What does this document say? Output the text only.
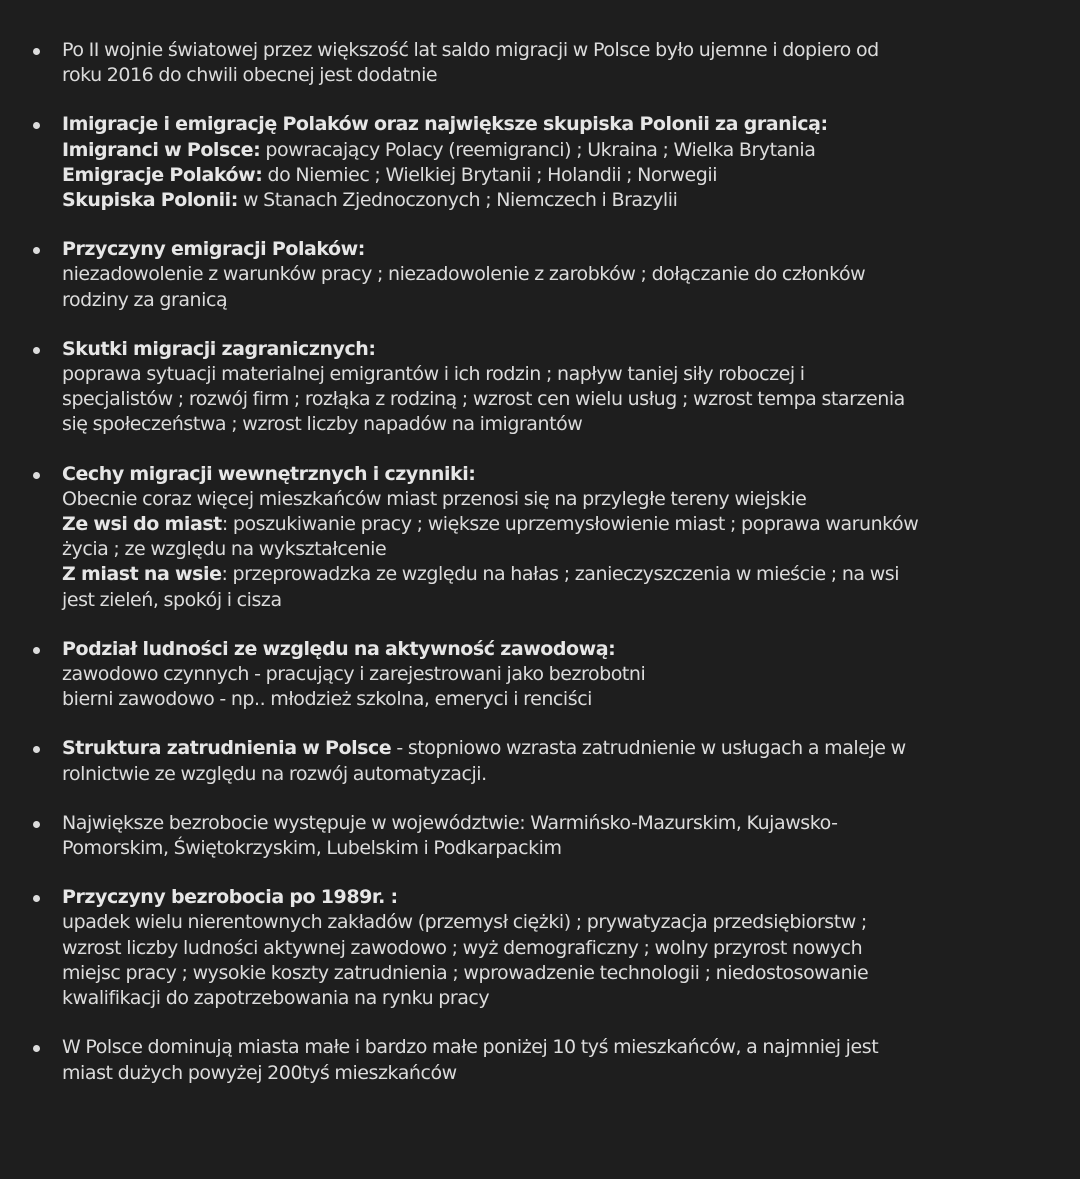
Po II wojnie światowej przez większość lat saldo migracji w Polsce było ujemne i dopiero od
roku 2016 do chwili obecnej jest dodatnie
Imigracje i emigrację Polaków oraz największe skupiska Polonii za granicą:
Imigranci w Polsce: powracający Polacy (reemigranci) ; Ukraina ; Wielka Brytania
Emigracje Polaków: do Niemiec ; Wielkiej Brytanii ; Holandii ; Norwegii
Skupiska Polonii: w Stanach Zjednoczonych ; Niemczech i Brazylii
Przyczyny emigracji Polaków:
niezadowolenie z warunków pracy ; niezadowolenie z zarobków ; dołączanie do członków
rodziny za granicą
Skutki migracji zagranicznych:
poprawa sytuacji materialnej emigrantów i ich rodzin ; napływ taniej siły roboczej i
specjalistów ; rozwój firm ; rozłąka z rodziną ; wzrost cen wielu usług ; wzrost tempa starzenia
się społeczeństwa ; wzrost liczby napadów na imigrantów
Cechy migracji wewnętrznych i czynniki:
Obecnie coraz więcej mieszkańców miast przenosi się na przyległe tereny wiejskie
Ze wsi do miast: poszukiwanie pracy ; większe uprzemysłowienie miast ; poprawa warunków
życia ; ze względu na wykształcenie
Z miast na wsie: przeprowadzka ze względu na hałas ; zanieczyszczenia w mieście ; na wsi
jest zieleń, spokój i cisza
Podział ludności ze względu na aktywność zawodową:
zawodowo czynnych - pracujący i zarejestrowani jako bezrobotni
bierni zawodowo - np.. młodzież szkolna, emeryci i renciści
Struktura zatrudnienia w Polsce - stopniowo wzrasta zatrudnienie w usługach a maleje w
rolnictwie ze względu na rozwój automatyzacji.
Największe bezrobocie występuje w województwie: Warmińsko-Mazurskim, Kujawsko-
Pomorskim, Świętokrzyskim, Lubelskim i Podkarpackim
Przyczyny bezrobocia po 1989r. :
upadek wielu nierentownych zakładów (przemysł ciężki) ; prywatyzacja przedsiębiorstw ;
wzrost liczby ludności aktywnej zawodowo ; wyż demograficzny ; wolny przyrost nowych
miejsc pracy ; wysokie koszty zatrudnienia ; wprowadzenie technologii ; niedostosowanie
kwalifikacji do zapotrzebowania na rynku pracy
W Polsce dominują miasta małe i bardzo małe poniżej 10 tyś mieszkańców, a najmniej jest
miast dużych powyżej 200tyś mieszkańców
